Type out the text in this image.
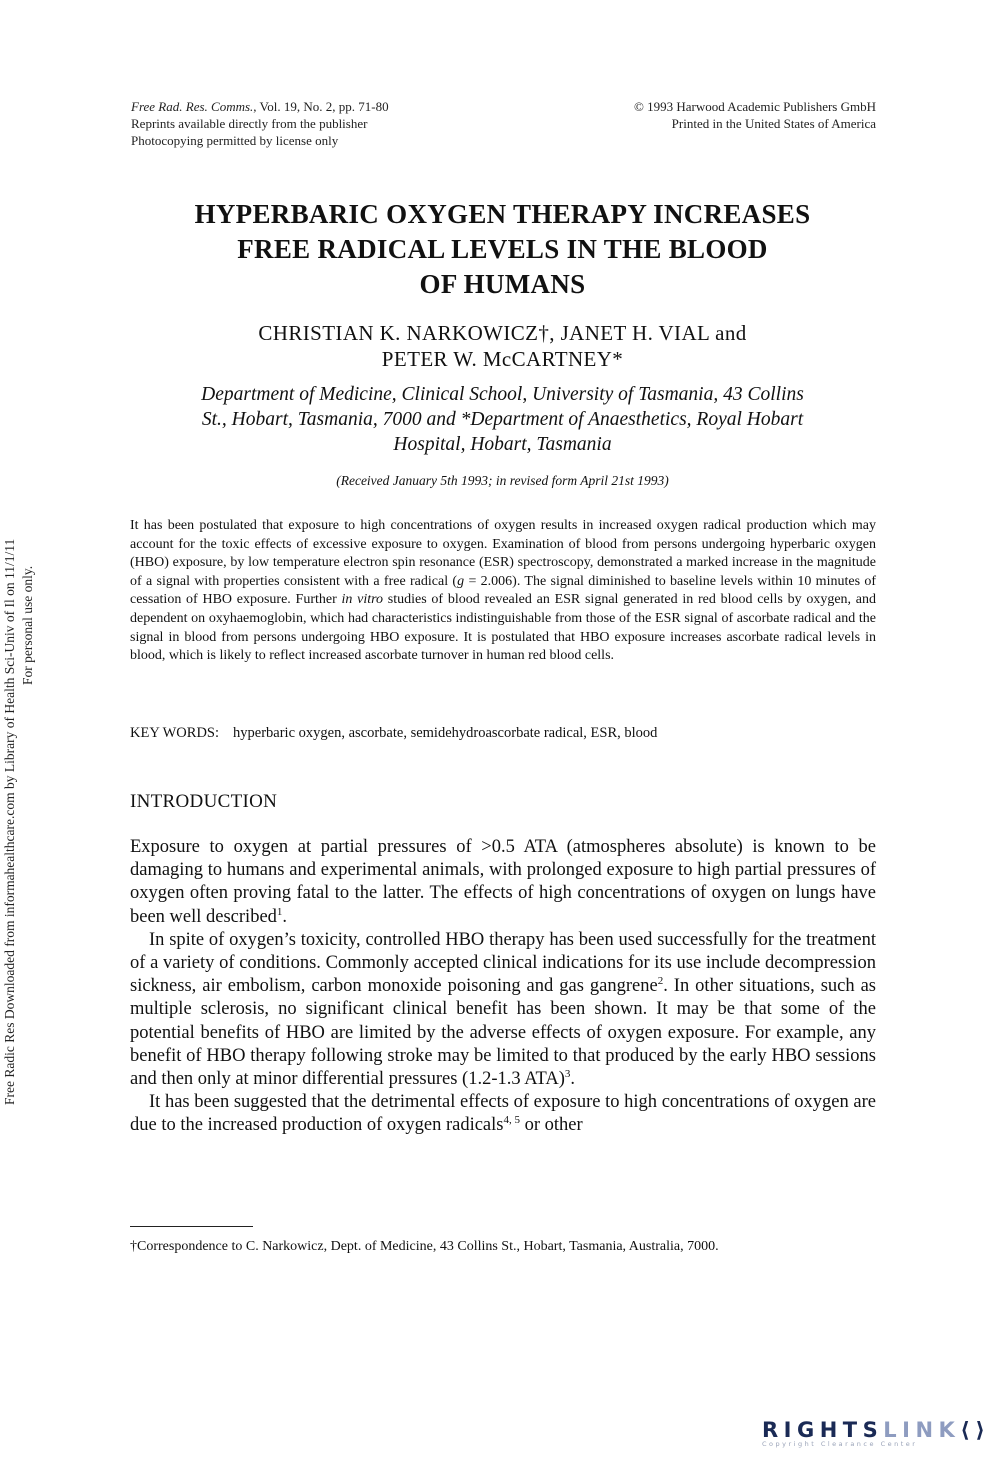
Free Radic Res Downloaded from informahealthcare.com by Library of Health Sci-Univ of Il on 11/1/11 For personal use only.
Free Rad. Res. Comms., Vol. 19, No. 2, pp. 71-80
Reprints available directly from the publisher
Photocopying permitted by license only
© 1993 Harwood Academic Publishers GmbH
Printed in the United States of America
HYPERBARIC OXYGEN THERAPY INCREASES
FREE RADICAL LEVELS IN THE BLOOD
OF HUMANS
CHRISTIAN K. NARKOWICZ†, JANET H. VIAL and
PETER W. McCARTNEY*
Department of Medicine, Clinical School, University of Tasmania, 43 Collins
St., Hobart, Tasmania, 7000 and *Department of Anaesthetics, Royal Hobart
Hospital, Hobart, Tasmania
(Received January 5th 1993; in revised form April 21st 1993)
It has been postulated that exposure to high concentrations of oxygen results in increased oxygen radical production which may account for the toxic effects of excessive exposure to oxygen. Examination of blood from persons undergoing hyperbaric oxygen (HBO) exposure, by low temperature electron spin resonance (ESR) spectroscopy, demonstrated a marked increase in the magnitude of a signal with properties consistent with a free radical (g = 2.006). The signal diminished to baseline levels within 10 minutes of cessation of HBO exposure. Further in vitro studies of blood revealed an ESR signal generated in red blood cells by oxygen, and dependent on oxyhaemoglobin, which had characteristics indistinguishable from those of the ESR signal of ascorbate radical and the signal in blood from persons undergoing HBO exposure. It is postulated that HBO exposure increases ascorbate radical levels in blood, which is likely to reflect increased ascorbate turnover in human red blood cells.
KEY WORDS: hyperbaric oxygen, ascorbate, semidehydroascorbate radical, ESR, blood
INTRODUCTION

Exposure to oxygen at partial pressures of >0.5 ATA (atmospheres absolute) is known to be damaging to humans and experimental animals, with prolonged exposure to high partial pressures of oxygen often proving fatal to the latter. The effects of high concentrations of oxygen on lungs have been well described$^1$.

In spite of oxygen’s toxicity, controlled HBO therapy has been used successfully for the treatment of a variety of conditions. Commonly accepted clinical indications for its use include decompression sickness, air embolism, carbon monoxide poisoning and gas gangrene$^2$. In other situations, such as multiple sclerosis, no significant clinical benefit has been shown. It may be that some of the potential benefits of HBO are limited by the adverse effects of oxygen exposure. For example, any benefit of HBO therapy following stroke may be limited to that produced by the early HBO sessions and then only at minor differential pressures (1.2-1.3 ATA)$^3$.

It has been suggested that the detrimental effects of exposure to high concentrations of oxygen are due to the increased production of oxygen radicals$^{4, 5}$ or other

†Correspondence to C. Narkowicz, Dept. of Medicine, 43 Collins St., Hobart, Tasmania, Australia, 7000.
RIGHTSLINK⟨⟩
Copyright Clearance Center
